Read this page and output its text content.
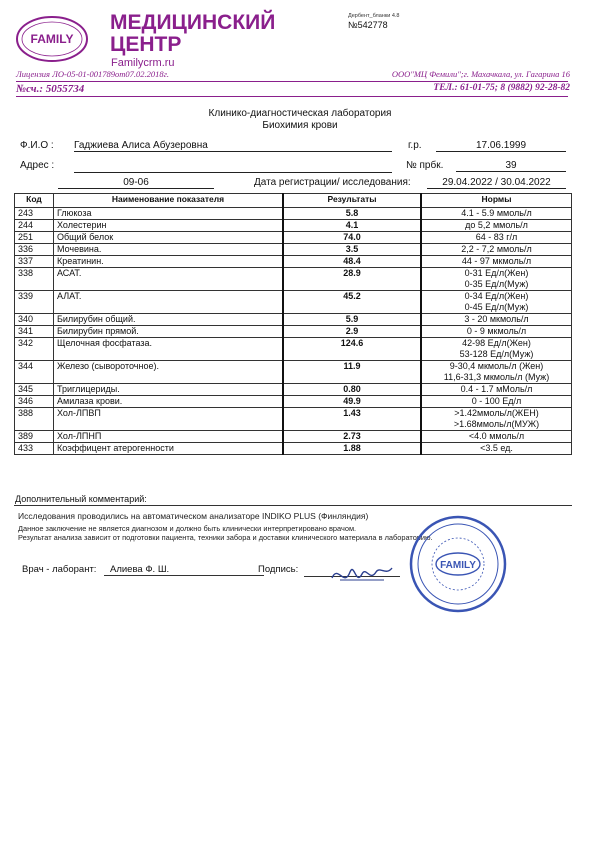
FAMILY
МЕДИЦИНСКИЙ
ЦЕНТР
Familycrm.ru
Дербент_бланки 4.8
№542778
Лицензия ЛО-05-01-001789от07.02.2018г.	ООО"МЦ Фемили";г. Махачкала, ул. Гагарина 16
№сч.: 5055734	ТЕЛ.: 61-01-75; 8 (9882) 92-28-82
Клинико-диагностическая лаборатория
Биохимия крови
Ф.И.О : Гаджиева Алиса Абузеровна	г.р.	17.06.1999
Адрес :	№ прбк.	39
09-06	Дата регистрации/ исследования:	29.04.2022 / 30.04.2022
Код	Наименование показателя	Результаты	Нормы
243	Глюкоза	5.8	4.1 - 5.9 ммоль/л

244	Холестерин	4.1	до 5,2 ммоль/л

251	Общий белок	74.0	64 - 83 г/л

336	Мочевина.	3.5	2,2 - 7,2 ммоль/л

337	Креатинин.	48.4	44 - 97 мкмоль/л

338	АСАТ.	28.9	0-31 Ед/л(Жен)
0-35 Ед/л(Муж)

339	АЛАТ.	45.2	0-34 Ед/л(Жен)
0-45 Ед/л(Муж)

340	Билирубин общий.	5.9	3 - 20 мкмоль/л

341	Билирубин прямой.	2.9	0 - 9 мкмоль/л

342	Щелочная фосфатаза.	124.6	42-98 Ед/л(Жен)
53-128 Ед/л(Муж)

344	Железо (сывороточное).	11.9	9-30,4 мкмоль/л (Жен)
11,6-31,3 мкмоль/л (Муж)

345	Триглицериды.	0.80	0.4 - 1.7 мМоль/л

346	Амилаза крови.	49.9	0 - 100 Ед/л

388	Хол-ЛПВП	1.43	>1.42ммоль/л(ЖЕН)
>1.68ммоль/л(МУЖ)

389	Хол-ЛПНП	2.73	<4.0 ммоль/л

433	Коэффицент атерогенности	1.88	<3.5 ед.
Дополнительный комментарий:
Исследования проводились на автоматическом анализаторе INDIKO PLUS (Финляндия)
Данное заключение не является диагнозом и должно быть клинически интерпретировано врачом.
Результат анализа зависит от подготовки пациента, техники забора и доставки клинического материала в лабораторию.
Врач - лаборант:	Алиева Ф. Ш.	Подпись:	FAMILY
